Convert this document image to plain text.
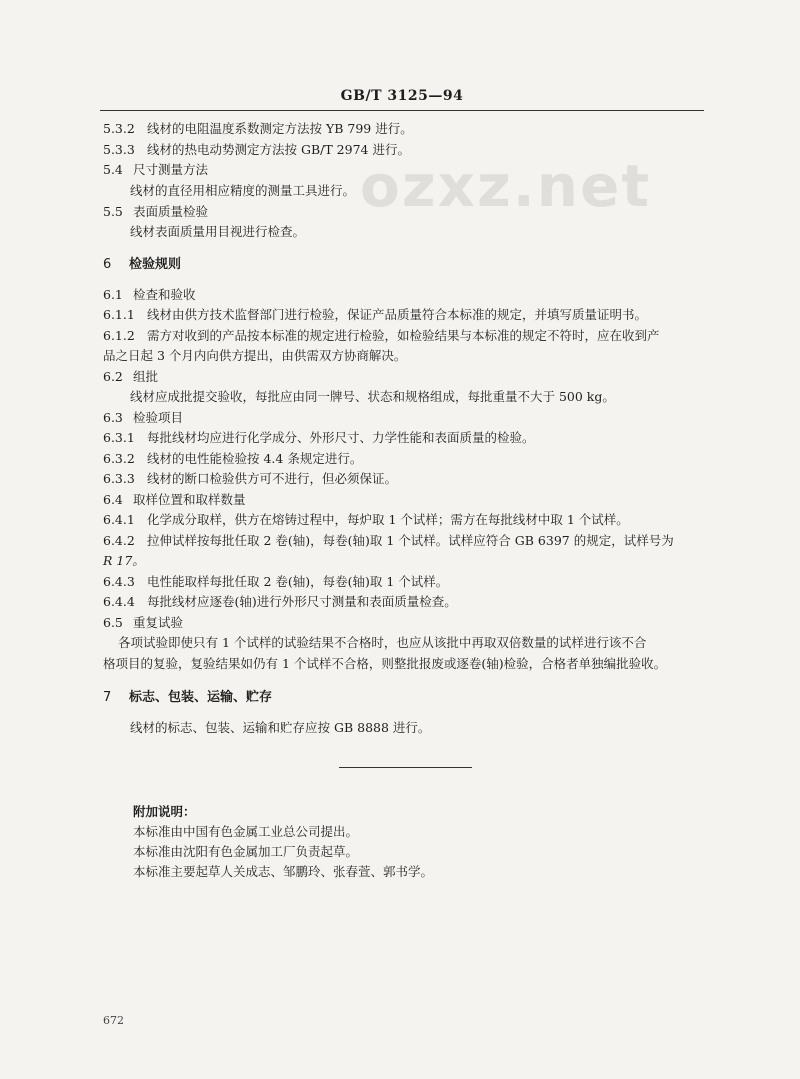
GB/T 3125—94
ozxz.net
5.3.2 线材的电阻温度系数测定方法按 YB 799 进行。
5.3.3 线材的热电动势测定方法按 GB/T 2974 进行。
5.4 尺寸测量方法
线材的直径用相应精度的测量工具进行。
5.5 表面质量检验
线材表面质量用目视进行检查。
6 检验规则
6.1 检查和验收
6.1.1 线材由供方技术监督部门进行检验，保证产品质量符合本标准的规定，并填写质量证明书。
6.1.2 需方对收到的产品按本标准的规定进行检验，如检验结果与本标准的规定不符时，应在收到产
品之日起 3 个月内向供方提出，由供需双方协商解决。
6.2 组批
线材应成批提交验收，每批应由同一牌号、状态和规格组成，每批重量不大于 500 kg。
6.3 检验项目
6.3.1 每批线材均应进行化学成分、外形尺寸、力学性能和表面质量的检验。
6.3.2 线材的电性能检验按 4.4 条规定进行。
6.3.3 线材的断口检验供方可不进行，但必须保证。
6.4 取样位置和取样数量
6.4.1 化学成分取样，供方在熔铸过程中，每炉取 1 个试样；需方在每批线材中取 1 个试样。
6.4.2 拉伸试样按每批任取 2 卷(轴)，每卷(轴)取 1 个试样。试样应符合 GB 6397 的规定，试样号为
R 17。
6.4.3 电性能取样每批任取 2 卷(轴)，每卷(轴)取 1 个试样。
6.4.4 每批线材应逐卷(轴)进行外形尺寸测量和表面质量检查。
6.5 重复试验
各项试验即使只有 1 个试样的试验结果不合格时，也应从该批中再取双倍数量的试样进行该不合
格项目的复验，复验结果如仍有 1 个试样不合格，则整批报废或逐卷(轴)检验，合格者单独编批验收。
7 标志、包装、运输、贮存
线材的标志、包装、运输和贮存应按 GB 8888 进行。
附加说明：
本标准由中国有色金属工业总公司提出。
本标准由沈阳有色金属加工厂负责起草。
本标准主要起草人关成志、邹鹏玲、张春萱、郭书学。
672
